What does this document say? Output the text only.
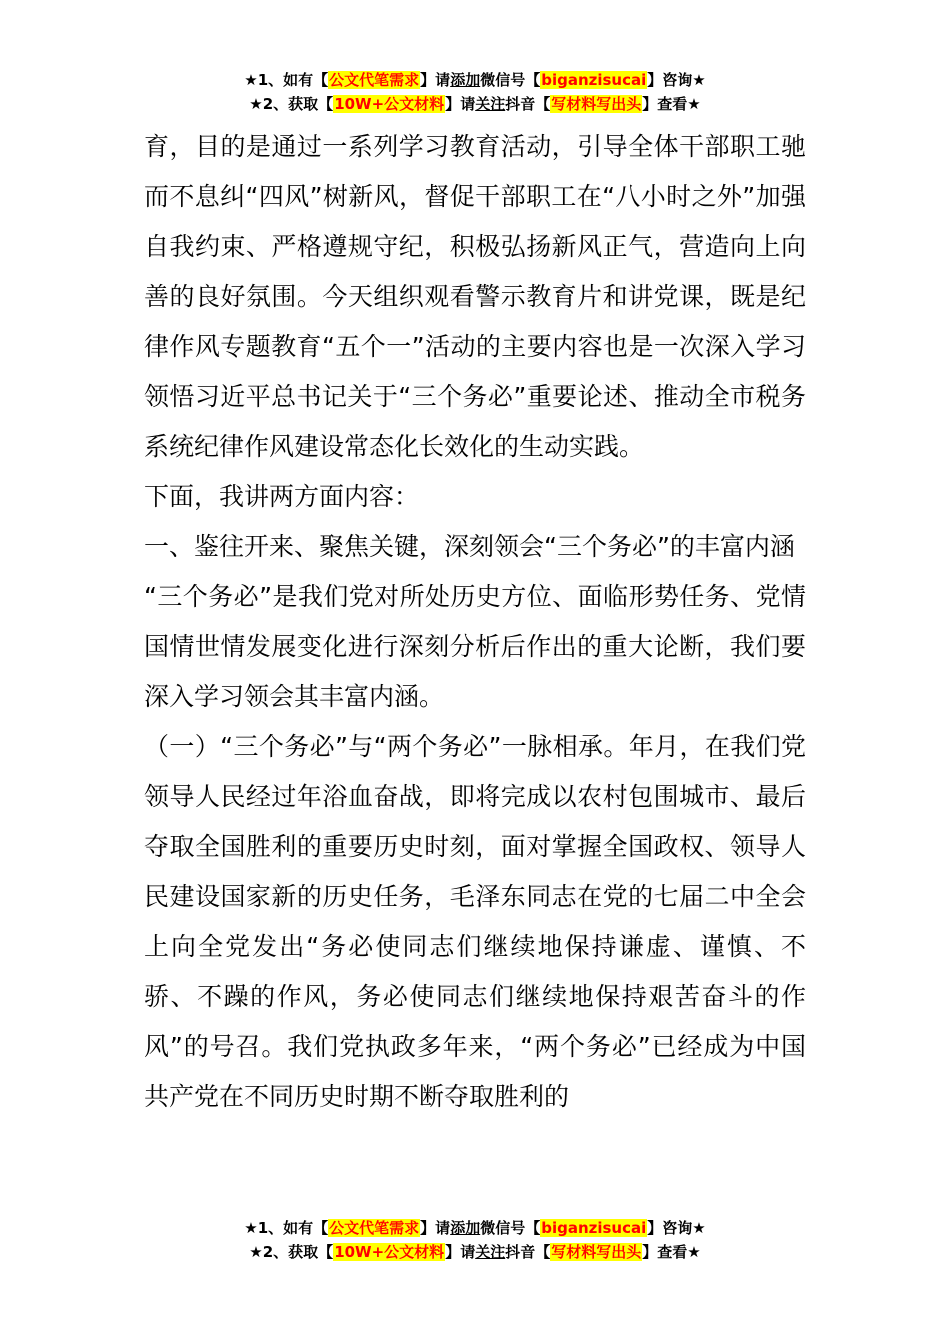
★1、如有【公文代笔需求】请添加微信号【biganzisucai】咨询★
★2、获取【10W+公文材料】请关注抖音【写材料写出头】查看★

育，目的是通过一系列学习教育活动，引导全体干部职工驰而不息纠“四风”树新风，督促干部职工在“八小时之外”加强自我约束、严格遵规守纪，积极弘扬新风正气，营造向上向善的良好氛围。今天组织观看警示教育片和讲党课，既是纪律作风专题教育“五个一”活动的主要内容也是一次深入学习领悟习近平总书记关于“三个务必”重要论述、推动全市税务系统纪律作风建设常态化长效化的生动实践。

下面，我讲两方面内容：

一、鉴往开来、聚焦关键，深刻领会“三个务必”的丰富内涵

“三个务必”是我们党对所处历史方位、面临形势任务、党情国情世情发展变化进行深刻分析后作出的重大论断，我们要深入学习领会其丰富内涵。

（一）“三个务必”与“两个务必”一脉相承。年月，在我们党领导人民经过年浴血奋战，即将完成以农村包围城市、最后夺取全国胜利的重要历史时刻，面对掌握全国政权、领导人民建设国家新的历史任务，毛泽东同志在党的七届二中全会上向全党发出“务必使同志们继续地保持谦虚、谨慎、不骄、不躁的作风，务必使同志们继续地保持艰苦奋斗的作风”的号召。我们党执政多年来，“两个务必”已经成为中国共产党在不同历史时期不断夺取胜利的

★1、如有【公文代笔需求】请添加微信号【biganzisucai】咨询★
★2、获取【10W+公文材料】请关注抖音【写材料写出头】查看★
